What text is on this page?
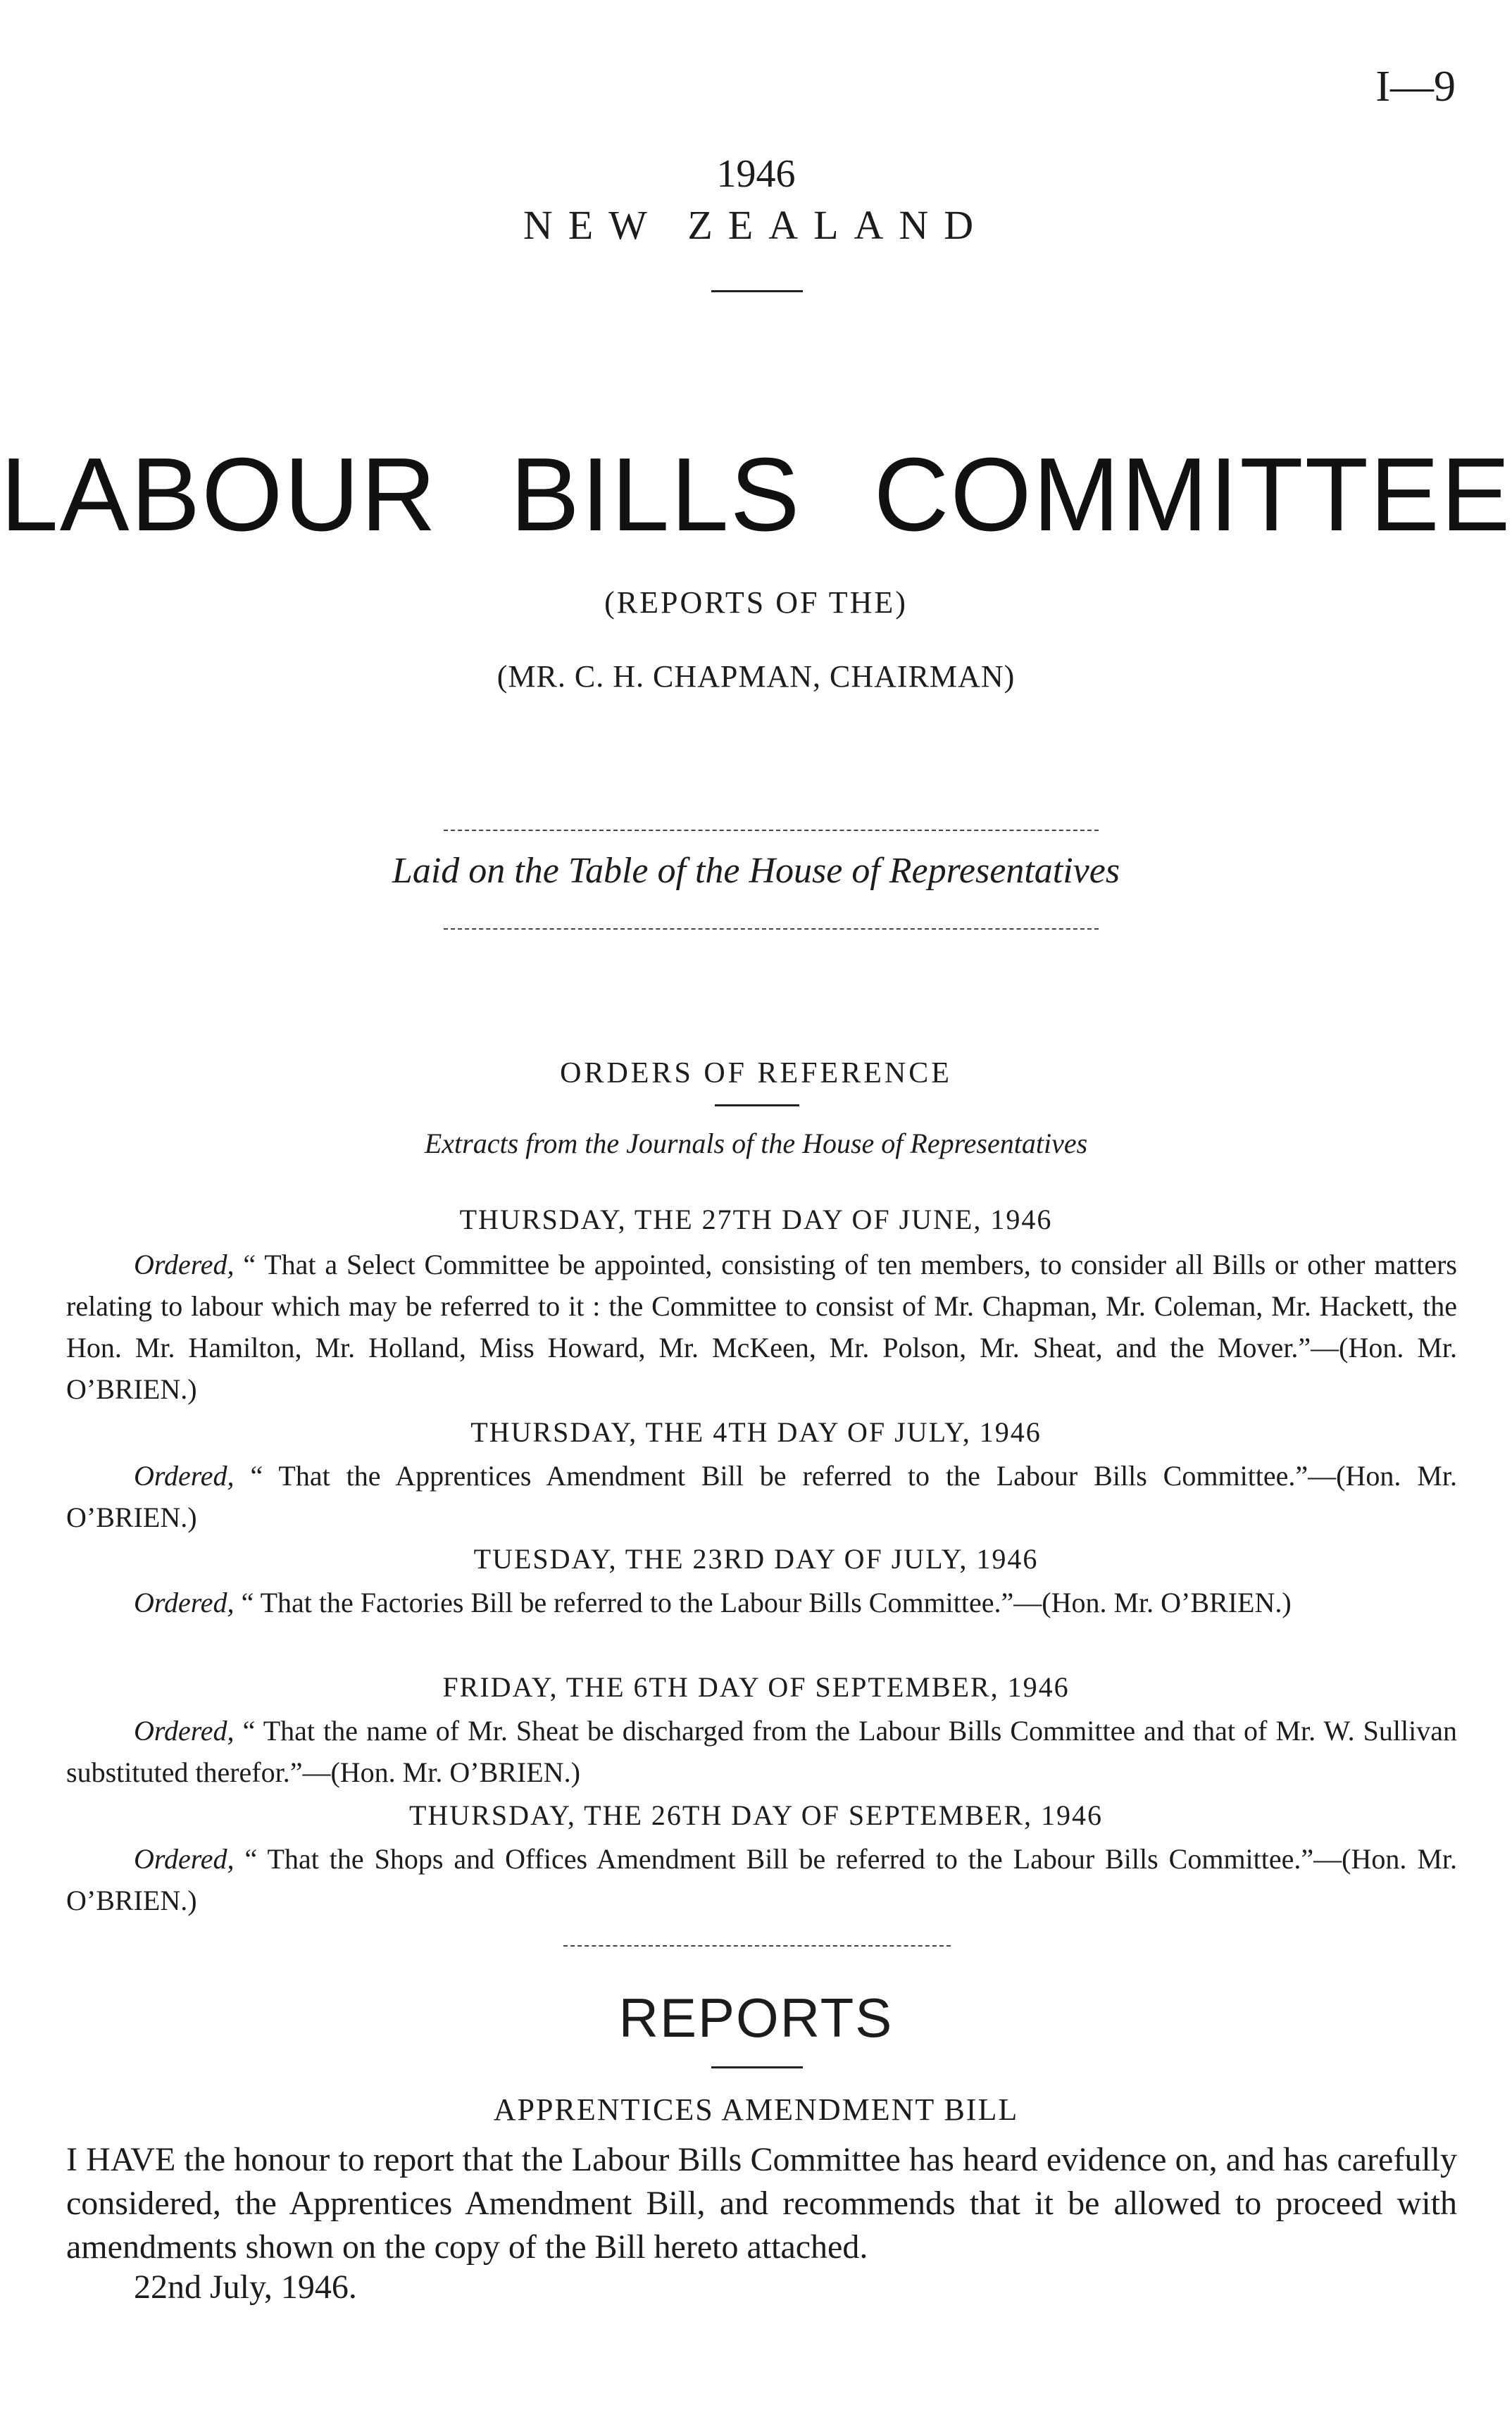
I—9
1946
NEW ZEALAND
LABOUR BILLS COMMITTEE
(REPORTS OF THE)
(MR. C. H. CHAPMAN, CHAIRMAN)
Laid on the Table of the House of Representatives
ORDERS OF REFERENCE
Extracts from the Journals of the House of Representatives
THURSDAY, THE 27TH DAY OF JUNE, 1946
Ordered, “ That a Select Committee be appointed, consisting of ten members, to consider all Bills or other matters relating to labour which may be referred to it : the Committee to consist of Mr. Chapman, Mr. Coleman, Mr. Hackett, the Hon. Mr. Hamilton, Mr. Holland, Miss Howard, Mr. McKeen, Mr. Polson, Mr. Sheat, and the Mover.”—(Hon. Mr. O’BRIEN.)
THURSDAY, THE 4TH DAY OF JULY, 1946
Ordered, “ That the Apprentices Amendment Bill be referred to the Labour Bills Committee.”—(Hon. Mr. O’BRIEN.)
TUESDAY, THE 23RD DAY OF JULY, 1946
Ordered, “ That the Factories Bill be referred to the Labour Bills Committee.”—(Hon. Mr. O’BRIEN.)
FRIDAY, THE 6TH DAY OF SEPTEMBER, 1946
Ordered, “ That the name of Mr. Sheat be discharged from the Labour Bills Committee and that of Mr. W. Sullivan substituted therefor.”—(Hon. Mr. O’BRIEN.)
THURSDAY, THE 26TH DAY OF SEPTEMBER, 1946
Ordered, “ That the Shops and Offices Amendment Bill be referred to the Labour Bills Committee.”—(Hon. Mr. O’BRIEN.)
REPORTS
APPRENTICES AMENDMENT BILL
I HAVE the honour to report that the Labour Bills Committee has heard evidence on, and has carefully considered, the Apprentices Amendment Bill, and recommends that it be allowed to proceed with amendments shown on the copy of the Bill hereto attached.
22nd July, 1946.
